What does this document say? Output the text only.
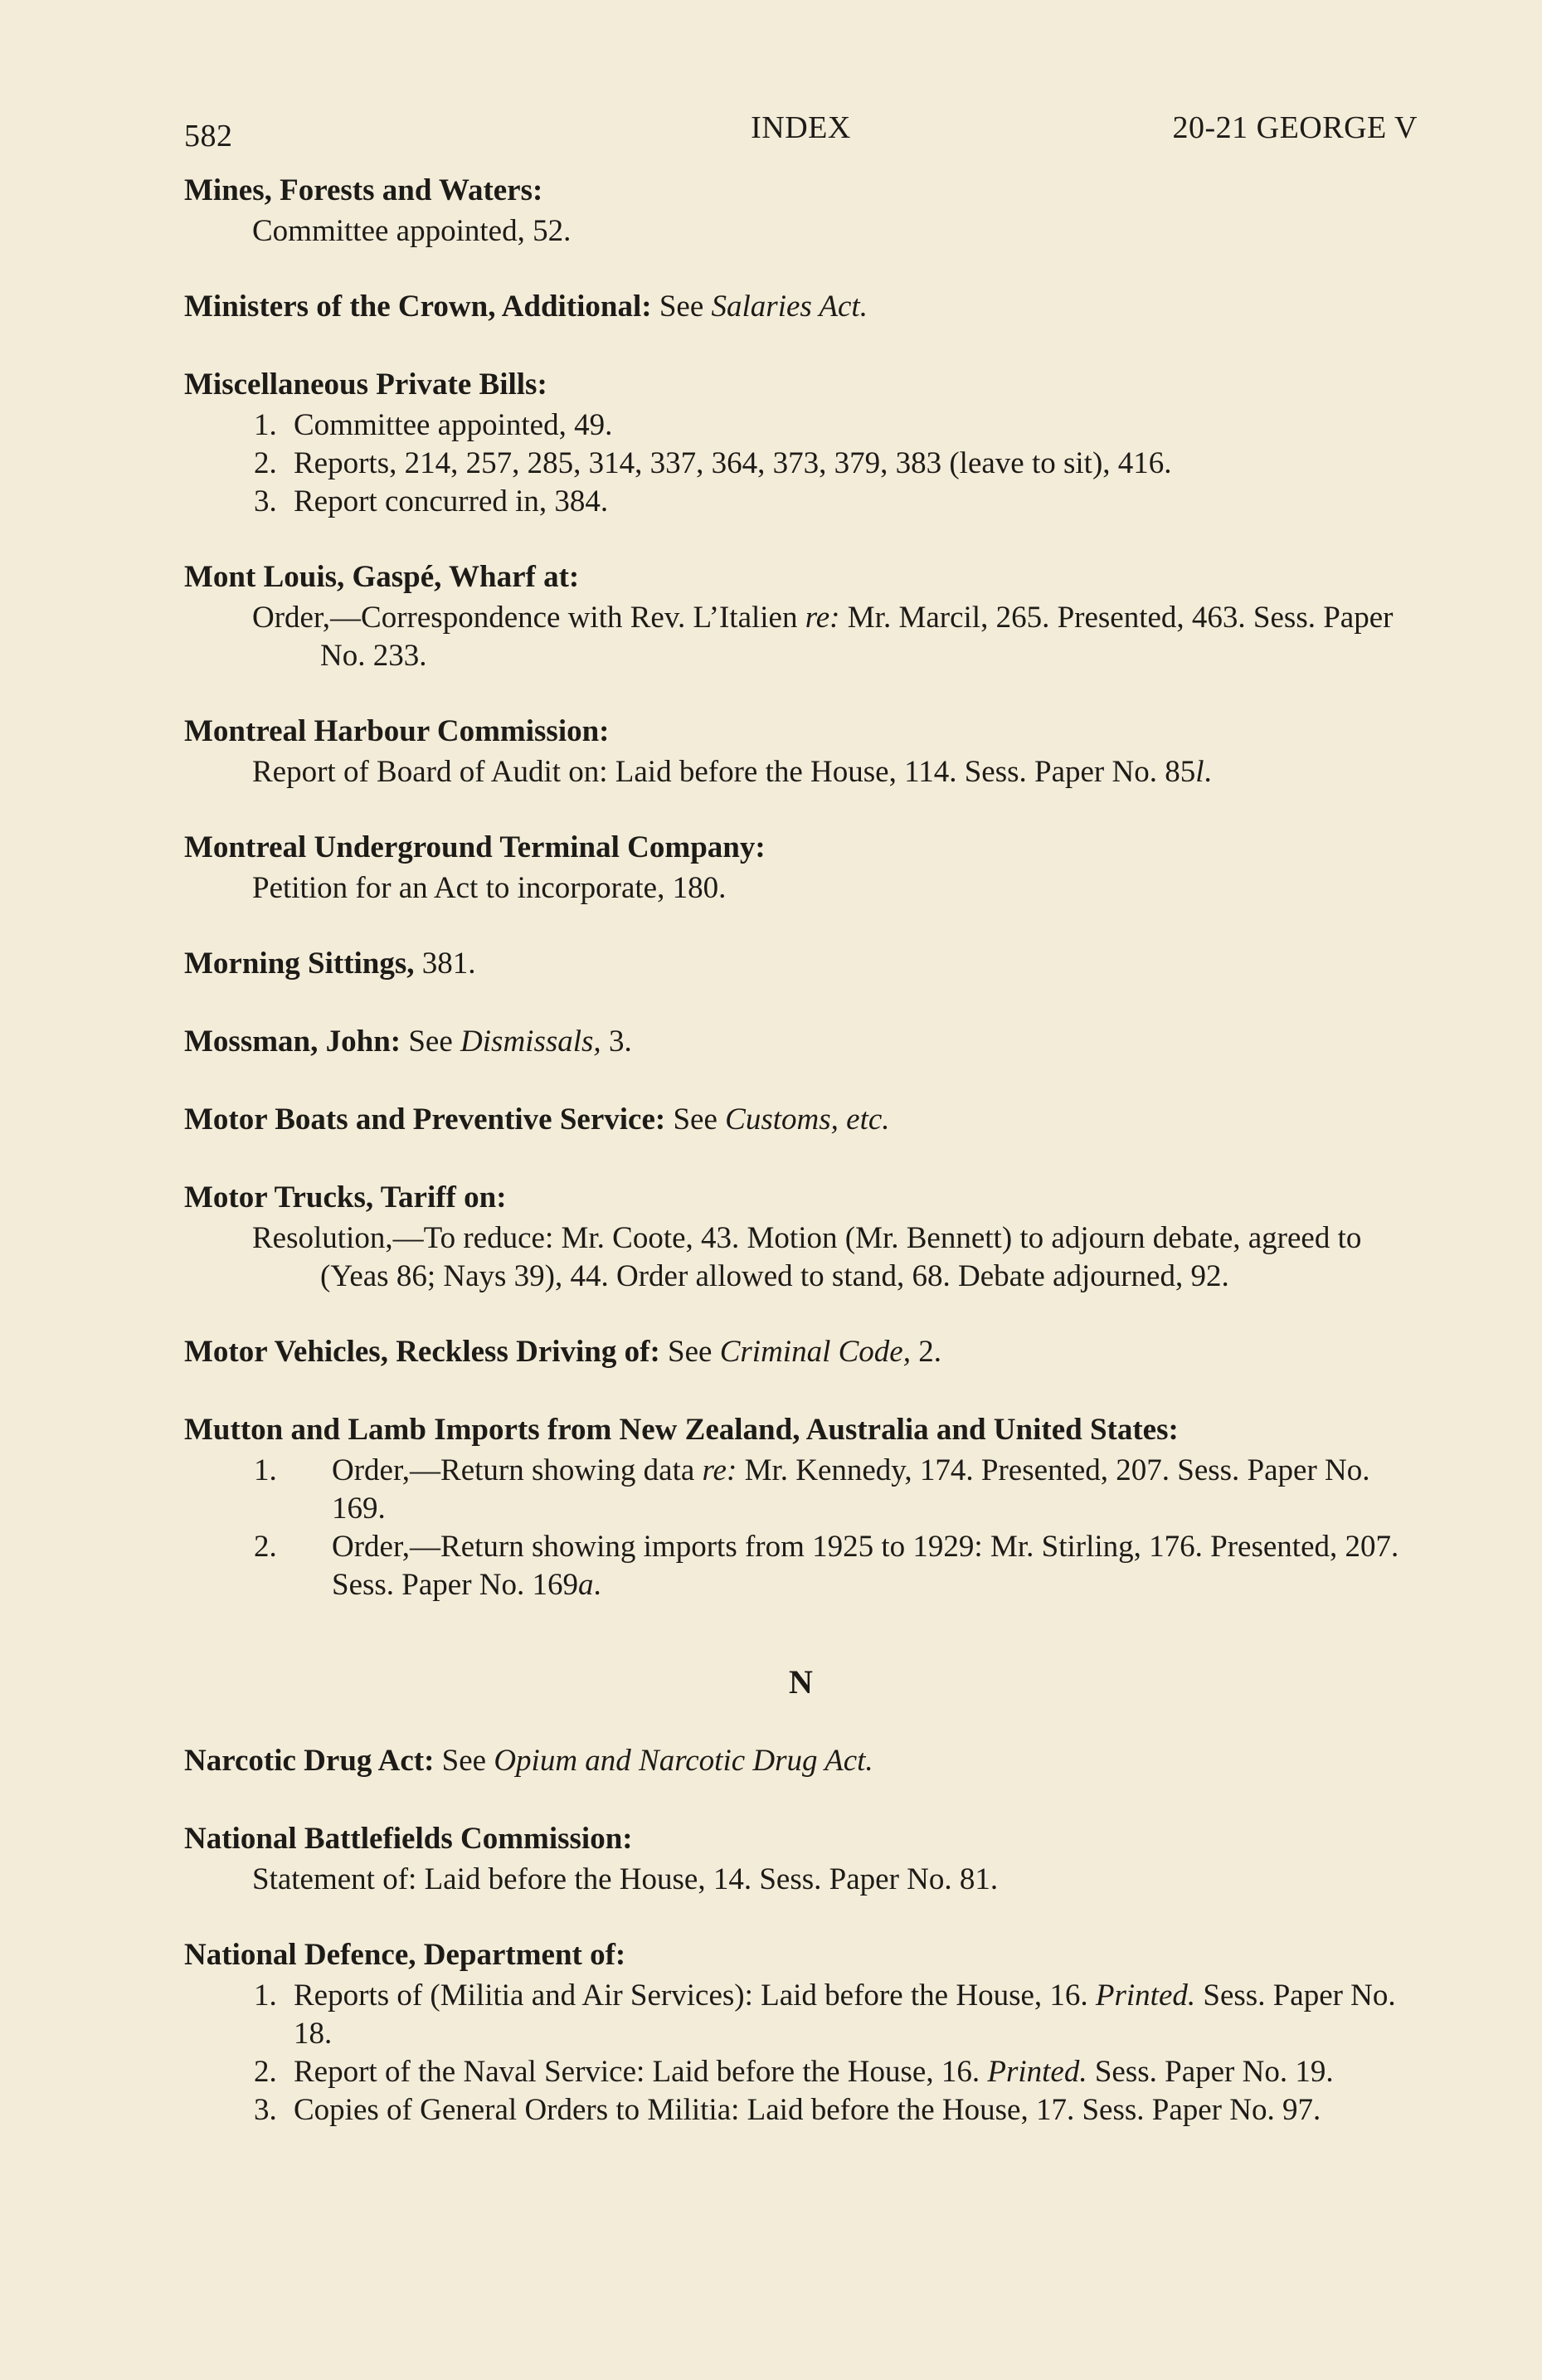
582	INDEX	20-21 GEORGE V
Mines, Forests and Waters:
Committee appointed, 52.
Ministers of the Crown, Additional: See Salaries Act.
Miscellaneous Private Bills:
1. Committee appointed, 49.
2. Reports, 214, 257, 285, 314, 337, 364, 373, 379, 383 (leave to sit), 416.
3. Report concurred in, 384.
Mont Louis, Gaspé, Wharf at:
Order,—Correspondence with Rev. L’Italien re: Mr. Marcil, 265. Presented, 463. Sess. Paper No. 233.
Montreal Harbour Commission:
Report of Board of Audit on: Laid before the House, 114. Sess. Paper No. 85l.
Montreal Underground Terminal Company:
Petition for an Act to incorporate, 180.
Morning Sittings, 381.
Mossman, John: See Dismissals, 3.
Motor Boats and Preventive Service: See Customs, etc.
Motor Trucks, Tariff on:
Resolution,—To reduce: Mr. Coote, 43. Motion (Mr. Bennett) to adjourn debate, agreed to (Yeas 86; Nays 39), 44. Order allowed to stand, 68. Debate adjourned, 92.
Motor Vehicles, Reckless Driving of: See Criminal Code, 2.
Mutton and Lamb Imports from New Zealand, Australia and United States:
1. Order,—Return showing data re: Mr. Kennedy, 174. Presented, 207. Sess. Paper No. 169.
2. Order,—Return showing imports from 1925 to 1929: Mr. Stirling, 176. Presented, 207. Sess. Paper No. 169a.
N
Narcotic Drug Act: See Opium and Narcotic Drug Act.
National Battlefields Commission:
Statement of: Laid before the House, 14. Sess. Paper No. 81.
National Defence, Department of:
1. Reports of (Militia and Air Services): Laid before the House, 16. Printed. Sess. Paper No. 18.
2. Report of the Naval Service: Laid before the House, 16. Printed. Sess. Paper No. 19.
3. Copies of General Orders to Militia: Laid before the House, 17. Sess. Paper No. 97.
